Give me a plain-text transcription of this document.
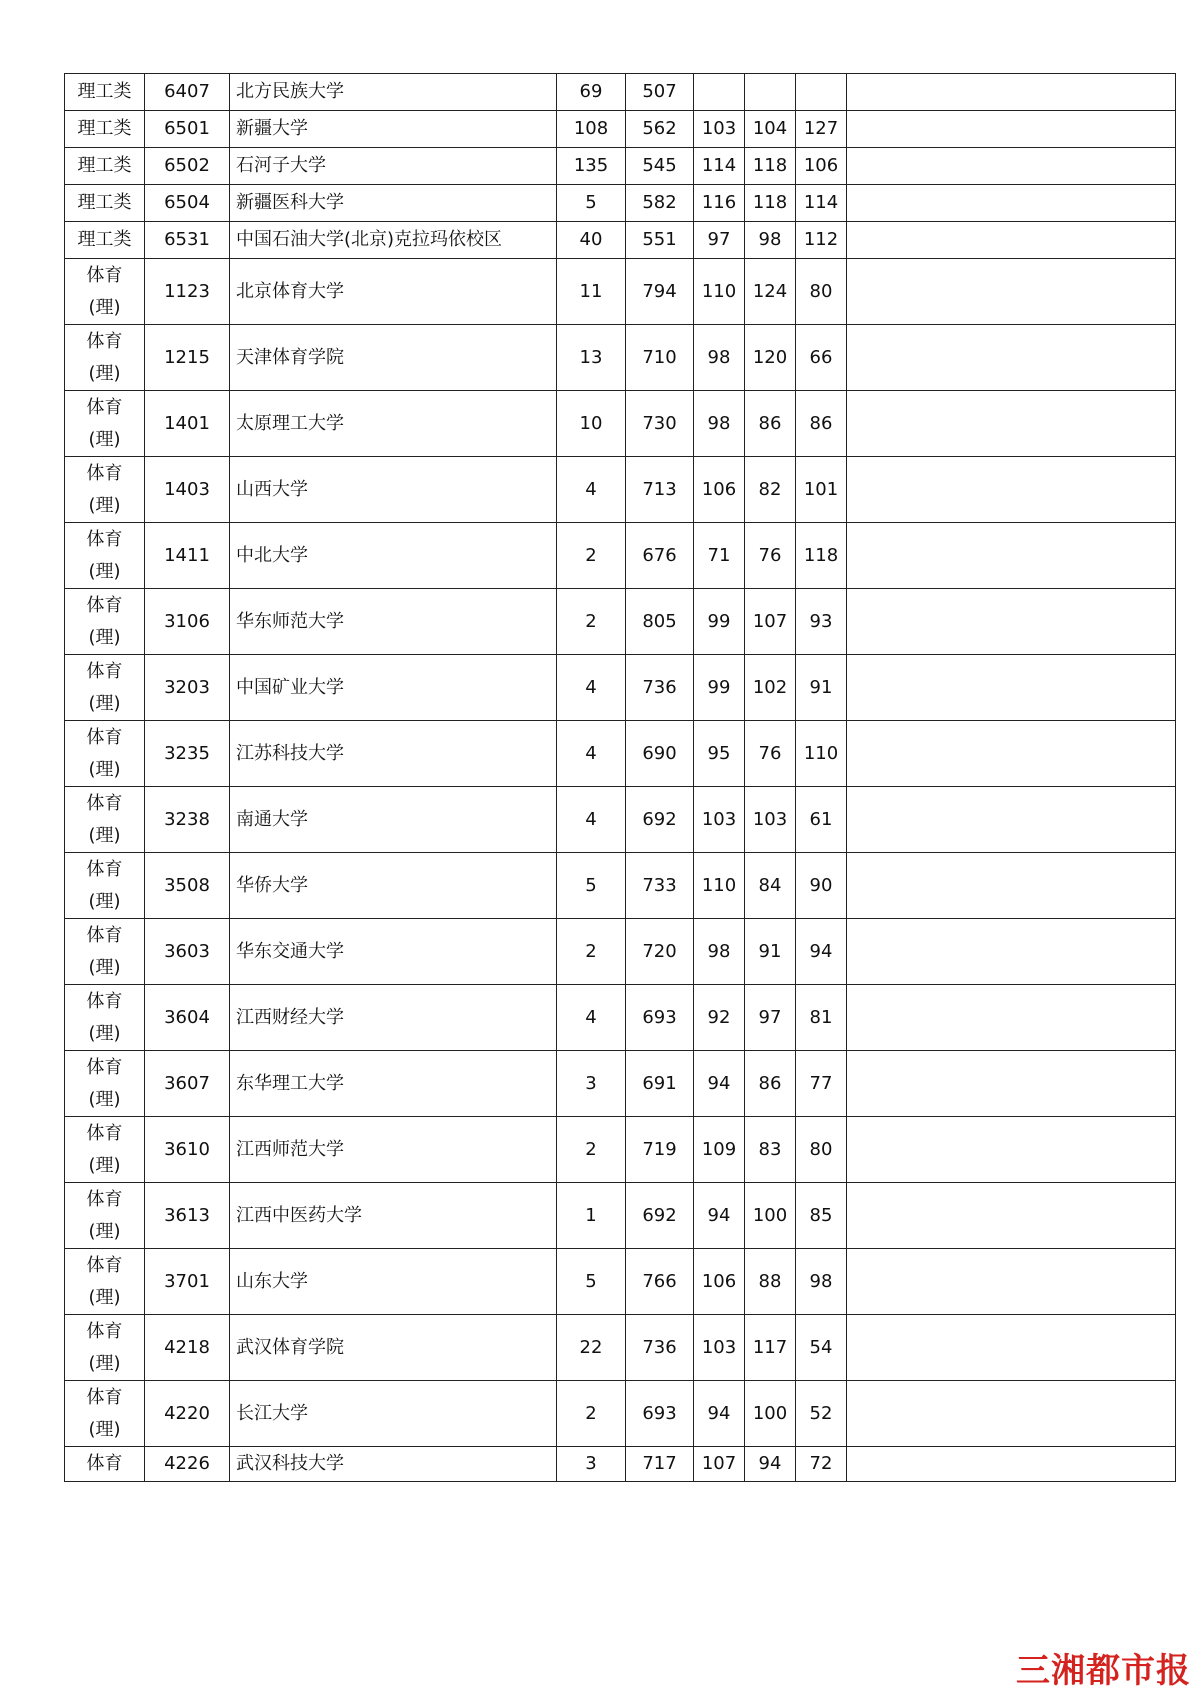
理工类	6407	北方民族大学	69	507				
理工类	6501	新疆大学	108	562	103	104	127	
理工类	6502	石河子大学	135	545	114	118	106	
理工类	6504	新疆医科大学	5	582	116	118	114	
理工类	6531	中国石油大学(北京)克拉玛依校区	40	551	97	98	112	
体育
(理)	1123	北京体育大学	11	794	110	124	80	
体育
(理)	1215	天津体育学院	13	710	98	120	66	
体育
(理)	1401	太原理工大学	10	730	98	86	86	
体育
(理)	1403	山西大学	4	713	106	82	101	
体育
(理)	1411	中北大学	2	676	71	76	118	
体育
(理)	3106	华东师范大学	2	805	99	107	93	
体育
(理)	3203	中国矿业大学	4	736	99	102	91	
体育
(理)	3235	江苏科技大学	4	690	95	76	110	
体育
(理)	3238	南通大学	4	692	103	103	61	
体育
(理)	3508	华侨大学	5	733	110	84	90	
体育
(理)	3603	华东交通大学	2	720	98	91	94	
体育
(理)	3604	江西财经大学	4	693	92	97	81	
体育
(理)	3607	东华理工大学	3	691	94	86	77	
体育
(理)	3610	江西师范大学	2	719	109	83	80	
体育
(理)	3613	江西中医药大学	1	692	94	100	85	
体育
(理)	3701	山东大学	5	766	106	88	98	
体育
(理)	4218	武汉体育学院	22	736	103	117	54	
体育
(理)	4220	长江大学	2	693	94	100	52	
体育	4226	武汉科技大学	3	717	107	94	72	
三湘都市报
